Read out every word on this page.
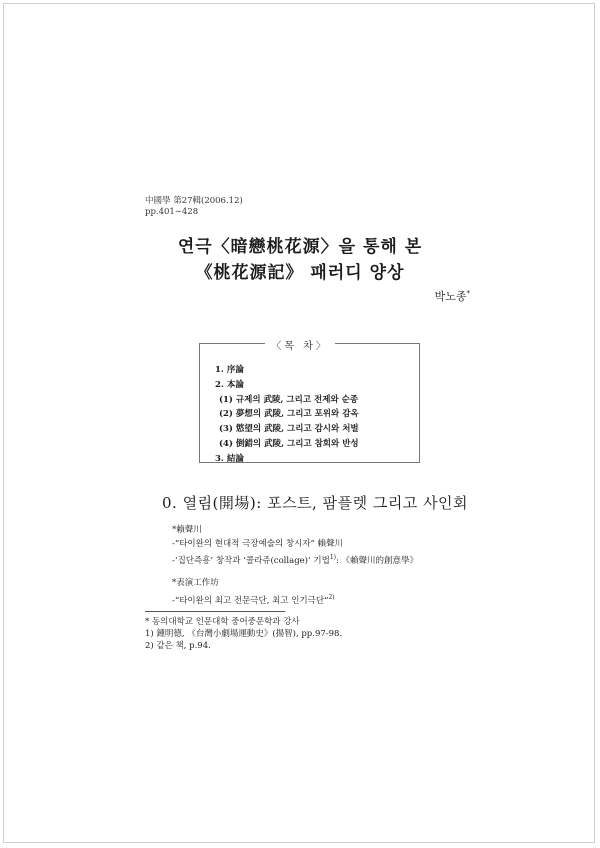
中國學 第27輯(2006.12)
pp.401∼428
연극〈暗戀桃花源〉을 통해 본
《桃花源記》 패러디 양상
박노종*
〈목 차〉
1. 序論
2. 本論
(1) 규제의 武陵, 그리고 전제와 순종
(2) 夢想의 武陵, 그리고 포위와 감옥
(3) 慾望의 武陵, 그리고 감시와 처벌
(4) 倒錯의 武陵, 그리고 참회와 반성
3. 結論
0. 열림(開場): 포스트, 팜플렛 그리고 사인회
*賴聲川
-“타이완의 현대적 극장예술의 창시자” 賴聲川
-‘집단즉흥’ 창작과 ‘콜라쥬(collage)’ 기법$^{1)}$: 《賴聲川的創意學》
*表演工作坊
-“타이완의 최고 전문극단, 최고 인기극단”$^{2)}$
* 동의대학교 인문대학 중어중문학과 강사
1) 鍾明德, 《台灣小劇場運動史》(揚智), pp.97-98.
2) 같은 책, p.94.
